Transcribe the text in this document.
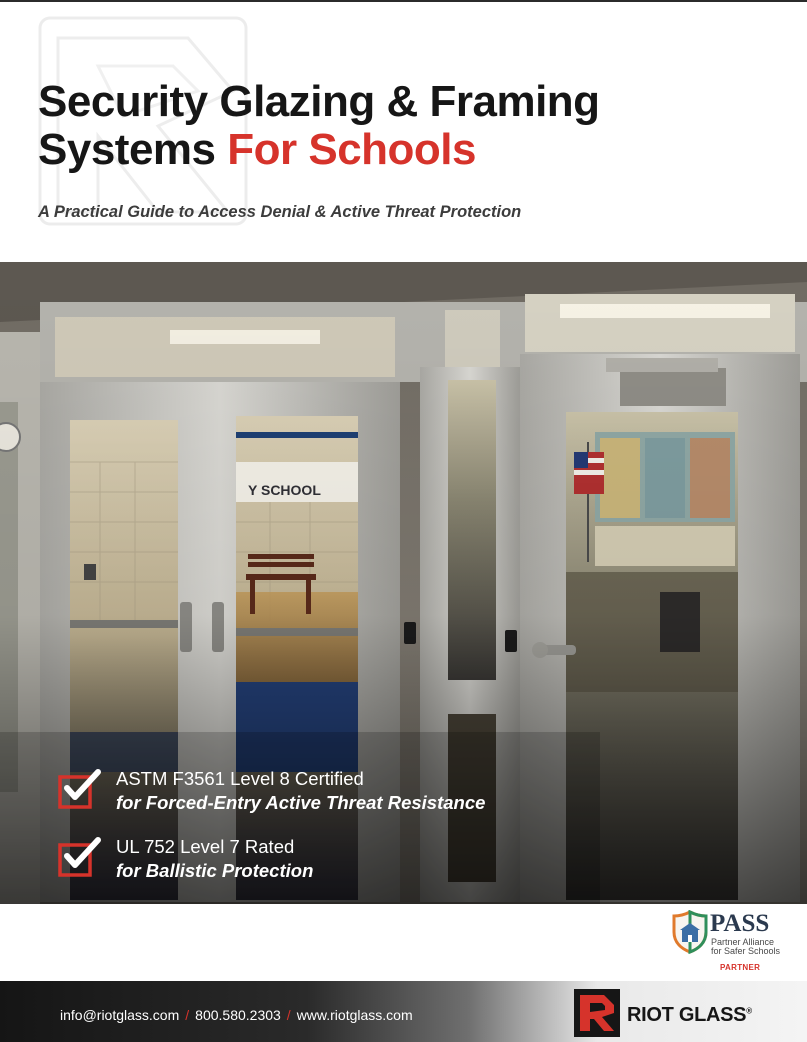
Security Glazing & Framing
Systems For Schools
A Practical Guide to Access Denial & Active Threat Protection
ASTM F3561 Level 8 Certified
for Forced-Entry Active Threat Resistance
UL 752 Level 7 Rated
for Ballistic Protection
PASS
Partner Alliance
for Safer Schools
PARTNER
info@riotglass.com / 800.580.2303 / www.riotglass.com	RIOT GLASS®
